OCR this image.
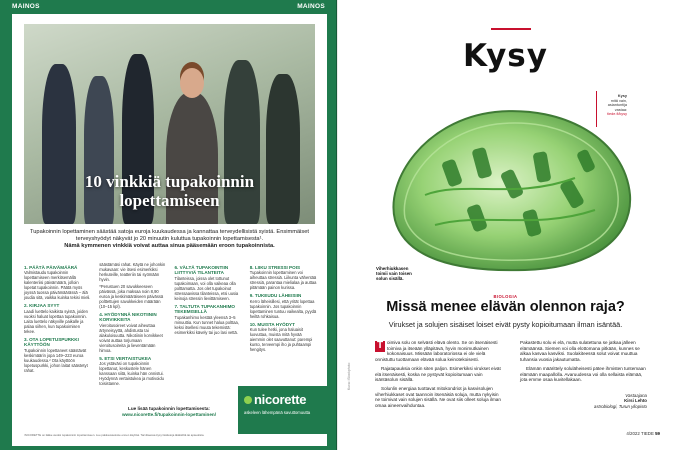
MAINOS	MAINOS
10 vinkkiä tupakoinnin lopettamiseen
Tupakoinnin lopettaminen säästää satoja euroja kuukaudessa ja kannattaa terveydellisistä syistä. Ensimmäiset terveyshyödyt näkyvät jo 20 minuutin kuluttua tupakoinnin lopettamisesta¹.
Nämä kymmenen vinkkiä voivat auttaa sinua pääsemään eroon tupakoinnista.
1. PÄÄTÄ PÄIVÄMÄÄRÄ
Valmistaudu tupakoinnin lopettamiseen merkitsemällä kalenteriisi päivämäärä, jolloin lopetat tupakoinnin. Päätä myös joyssä tuossa päivämäärässä – älä joudia sitä, vaikka kuinka tekisi mieli.
2. KIRJAA SYYT
Laadi luettelo kaikista syistä, joiden vuoksi haluat lopettaa tupakoinnin. Laita luettelo näkyville paikalle ja palaa siihen, kun tupakoimisen tekee.
3. OTA LOPETUSPURKKI KÄYTTÖÖN
Tupakoinnin lopettaneet säästävät keskimäärin jopa 149–223 euroa kuukaudessa.² Ota käyttöön lopetuspurkki, johon laitat säästetyt rahat.
säästämäsi rahat. Käytä ne johonkin mukavaan: vie itsesi esimerkiksi herkuteille, teatteriin tai syömään hyvin.
*Perustuen 20 savukkeeseen päivässä, joka maksaa noin 8,90 euroa ja keskimääräiseen päivässä polttettujen savukkeiden määrään (10–15 kpl).
4. HYÖDYNNÄ NIKOTIININ KORVIKKEITA
Vieroitusoireet voivat aiheuttaa ärtyneisyyttä, ahdistusta tai alakuloisuutta. Nikotiinin korvikkeet voivat auttaa torjumaan vieroitusoireita ja lieventämään himoa.
5. ETSI VERTAISTUKEA
Jos ystäväsi on tupakoinnin lopettanut, keskustele hänen kanssaan siitä, kuinka hän onnistui. Hyödynnä vertaistukea ja motivoidu toisistanne.
6. VÄLTÄ TUPAKOINTIIN LIITTYVIÄ TILANTEITA
Tilanteissa, joissa olet tottunut tupakoimaan, voi olla vaikeaa olla polttamatta. Jos olet tupakoinut stressaavissa tilanteissa, etsi uusia keinoja stressin lievittämiseen.
7. TALTUTA TUPAKANHIMO TEKEMISELLÄ
Tupakanhimo kestää yleensä 3–5 minuuttia. Kun tunnet halua polttaa, keksi itsellesi muuta tekemistä: esimerkiksi kävely tai juo lasi vettä.
8. LIIKU STRESSI POIS
Tupakoinnin lopettaminen voi aiheuttaa stressiä. Liikunta vähentää stressiä, parantaa mielialaa ja auttaa pitämään painon kurissa.
9. TUKEUDU LÄHEISIIN
Kerro läheisillesi, että yrität lopettaa tupakoinnin. Jos tupakoinnin lopettaminen tuntuu vaikealta, pyydä heiltä rohkaisua.
10. MUISTA HYÖDYT
Kun tulee hetki, jona haluaisit luovuttaa, muista mitä hyvää aiemmin olet saavuttanut: parempi kunto, terveempi iho ja puhtaampi hengitys.
Lue lisää tupakoinnin lopettamisesta:
www.nicorette.fi/tupakoinnin-lopettaminen/
¹NICORETTE on lääke avuksi tupakoinnin lopettamiseen. Lue pakkausseloste ennen käyttöä. Tarvittaessa kysy lisätietoja lääkäriltä tai apteekista.
nicorette
askeleen lähempänä savuttomuutta
Kysy
Kysy
mitä vain,
asiantuntija
vastaa:
tiede.fi/kysy
Viherhiukkasen toimii vain toisen solun sisällä.
BIOLOGIA
Missä menee elävän olennon raja?
Virukset ja solujen sisäiset loiset eivät pysty kopioitumaan ilman isäntää.

T oimiva solu on selvästi elävä olento. Se on itsenäisesti toimiva ja itseään ylläpitävä, hyvin monimutkainen kokonaisuus. Missään laboratoriossa ei ole vielä onnistuttu tuottamaan elävää solua keinotekoisesti.

Rajatapauksia onkin siten paljon. Esimerkiksi virukset eivät elä itsenäisesti, koska ne pystyvät kopioitumaan vain isäntäsolun sisällä.

Solunlin energiaa tuottavat mitokondriot ja kasvisolujen viherhiukkaset ovat taannoin itsenäisiä soluja, mutta nykyisin ne toimivat vain solujen sisällä. Ne ovat siis olleet soluja ilman omaa aineenvaihduntaa.

Pakastettu solu ei elä, mutta sulatettuna se jatkaa jälleen elämäänsä. Siemen voi olla elottomana pitkään, kunnes se alkaa kasvaa kasviksi. Suolakiteessä solut voivat muuttua tuhansia vuosia jakautumatta.

Elämän määrittely soluläheisesti pätee ihmisten tuntemaan elämään maapallolla. Avaruudessa voi olla sellaista elämää, jota emme osaa kuvitellakaan.

Vastaajana
Kirsi Lehto
astrobiologi, Turun yliopisto
Kuva: iStockphoto
4/2022 TIEDE 59
